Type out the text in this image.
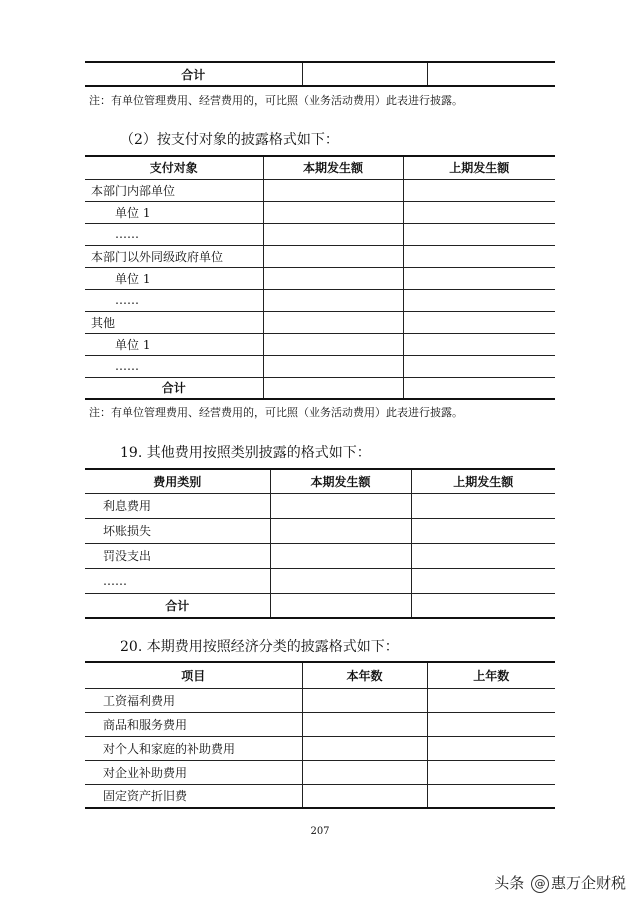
合计		
注：有单位管理费用、经营费用的，可比照（业务活动费用）此表进行披露。
（2）按支付对象的披露格式如下：
支付对象	本期发生额	上期发生额
本部门内部单位		
单位 1		
……		
本部门以外同级政府单位		
单位 1		
……		
其他		
单位 1		
……		
合计		
注：有单位管理费用、经营费用的，可比照（业务活动费用）此表进行披露。
19. 其他费用按照类别披露的格式如下：
费用类别	本期发生额	上期发生额
利息费用		
坏账损失		
罚没支出		
……		
合计		
20. 本期费用按照经济分类的披露格式如下：
项目	本年数	上年数
工资福利费用		
商品和服务费用		
对个人和家庭的补助费用		
对企业补助费用		
固定资产折旧费		
207
头条 @ 惠万企财税
